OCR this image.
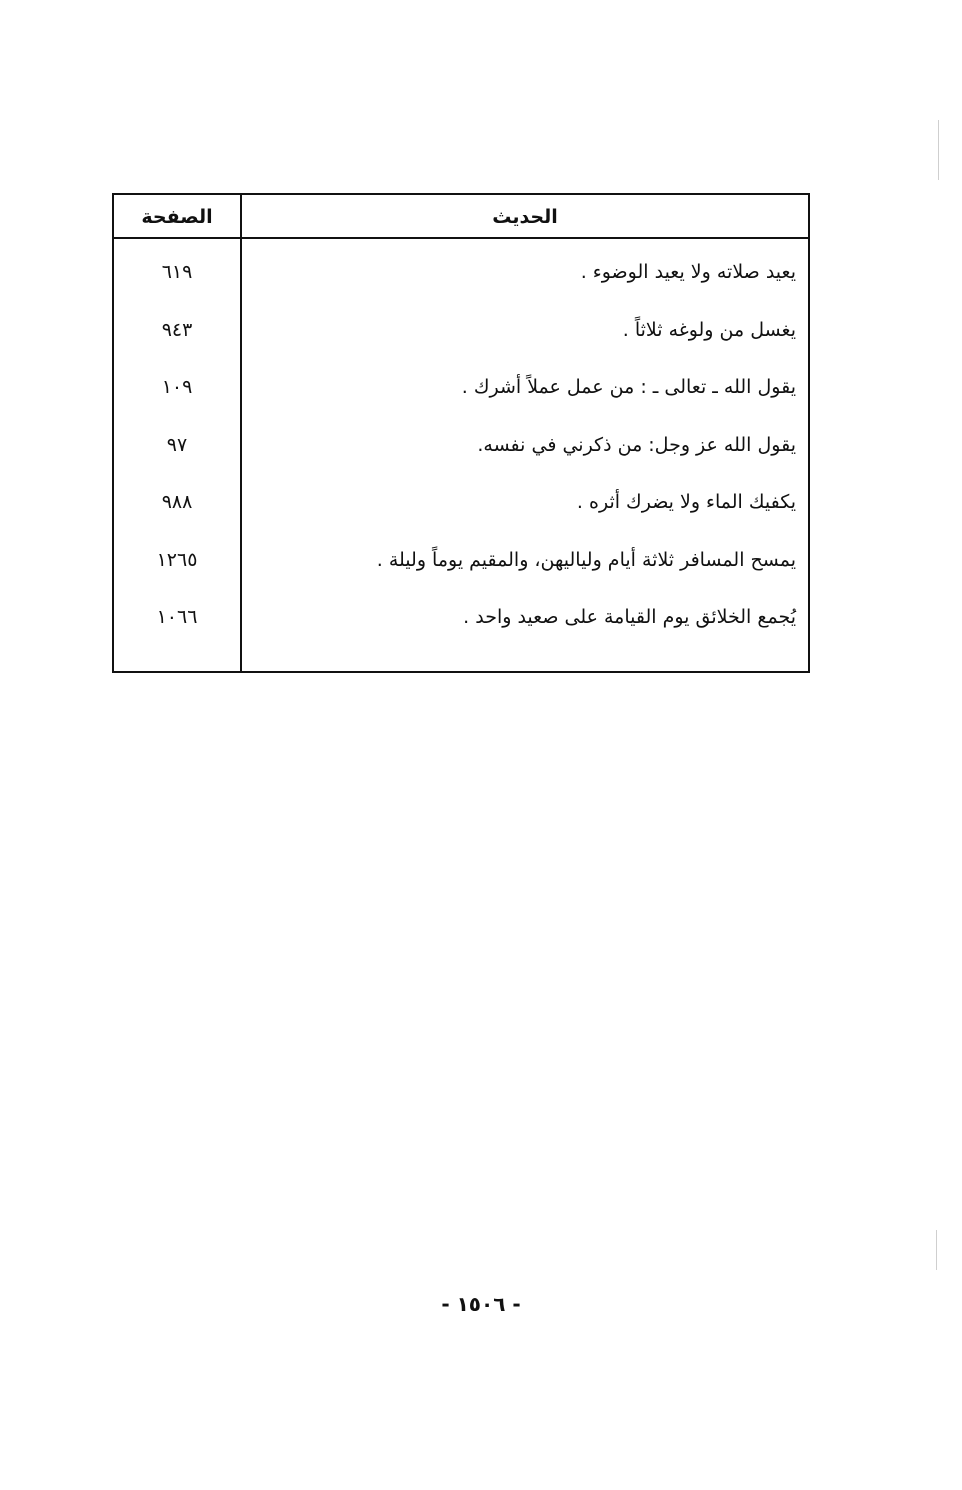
الحديث
الصفحة
يعيد صلاته ولا يعيد الوضوء .
٦١٩
يغسل من ولوغه ثلاثاً .
٩٤٣
يقول الله ـ تعالى ـ : من عمل عملاً أشرك .
١٠٩
يقول الله عز وجل: من ذكرني في نفسه.
٩٧
يكفيك الماء ولا يضرك أثره .
٩٨٨
يمسح المسافر ثلاثة أيام ولياليهن، والمقيم يوماً وليلة .
١٢٦٥
يُجمع الخلائق يوم القيامة على صعيد واحد .
١٠٦٦
- ١٥٠٦ -
